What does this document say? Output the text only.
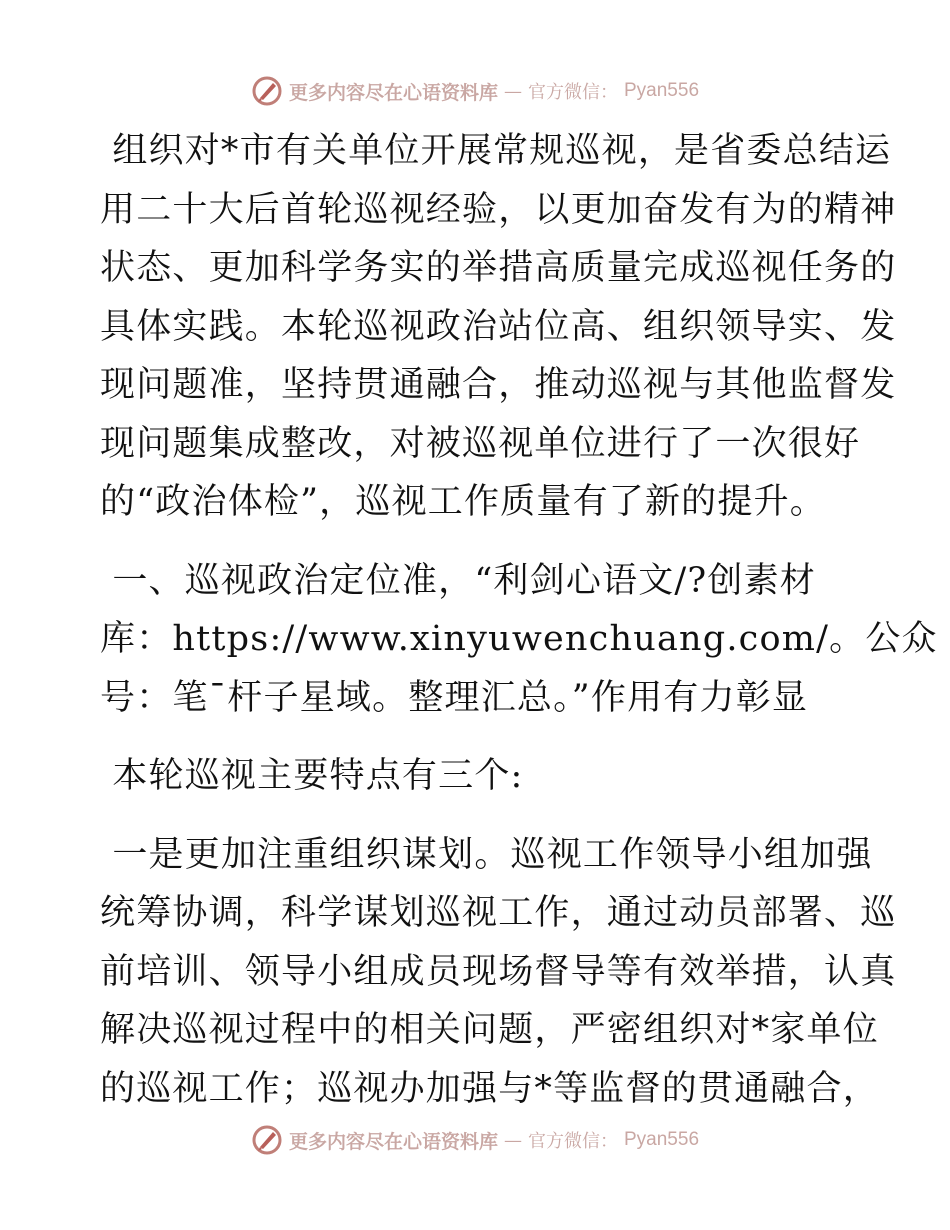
更多内容尽在心语资料库 — 官方微信： Pyan556

组织对*市有关单位开展常规巡视，是省委总结运

用二十大后首轮巡视经验，以更加奋发有为的精神

状态、更加科学务实的举措高质量完成巡视任务的

具体实践。本轮巡视政治站位高、组织领导实、发

现问题准，坚持贯通融合，推动巡视与其他监督发

现问题集成整改，对被巡视单位进行了一次很好

的“政治体检”，巡视工作质量有了新的提升。

一、巡视政治定位准，“利剑心语文/?创素材

库：https://www.xinyuwenchuang.com/。公众

号：笔¯杆子星域。整理汇总。”作用有力彰显

本轮巡视主要特点有三个:

一是更加注重组织谋划。巡视工作领导小组加强

统筹协调，科学谋划巡视工作，通过动员部署、巡

前培训、领导小组成员现场督导等有效举措，认真

解决巡视过程中的相关问题，严密组织对*家单位

的巡视工作；巡视办加强与*等监督的贯通融合，

更多内容尽在心语资料库 — 官方微信： Pyan556
